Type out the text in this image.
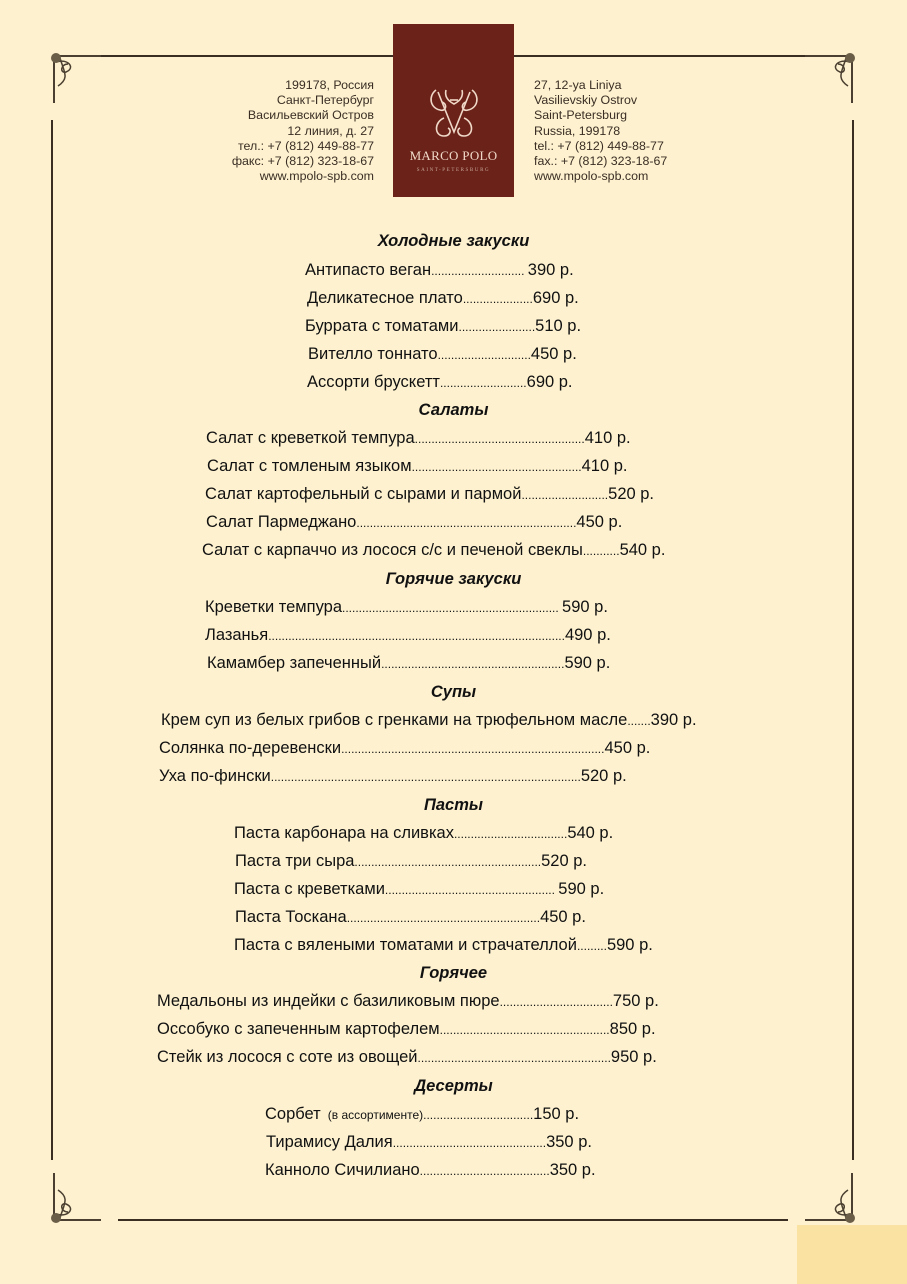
199178, Россия
Санкт-Петербург
Васильевский Остров
12 линия, д. 27
тел.: +7 (812) 449-88-77
факс: +7 (812) 323-18-67
www.mpolo-spb.com
MARCO POLO
SAINT-PETERSBURG
27, 12-ya Liniya
Vasilievskiy Ostrov
Saint-Petersburg
Russia, 199178
tel.: +7 (812) 449-88-77
fax.: +7 (812) 323-18-67
www.mpolo-spb.com
Холодные закуски
Антипасто веган............................ 390 р.
Деликатесное плато.....................690 р.
Буррата с томатами.......................510 р.
Вителло тоннато............................450 р.
Ассорти брускетт..........................690 р.
Салаты
Салат с креветкой темпура...................................................410 р.
Салат с томленым языком...................................................410 р.
Салат картофельный с сырами и пармой..........................520 р.
Салат Пармеджано..................................................................450 р.
Салат с карпаччо из лосося с/с и печеной свеклы...........540 р.
Горячие закуски
Креветки темпура................................................................. 590 р.
Лазанья.........................................................................................490 р.
Камамбер запеченный.......................................................590 р.
Супы
Крем суп из белых грибов с гренками на трюфельном масле.......390 р.
Солянка по-деревенски...............................................................................450 р.
Уха по-фински.............................................................................................520 р.
Пасты
Паста карбонара на сливках..................................540 р.
Паста три сыра........................................................520 р.
Паста с креветками................................................... 590 р.
Паста Тоскана..........................................................450 р.
Паста с вялеными томатами и страчателлой.........590 р.
Горячее
Медальоны из индейки с базиликовым пюре..................................750 р.
Оссобуко с запеченным картофелем...................................................850 р.
Стейк из лосося с соте из овощей..........................................................950 р.
Десерты
Сорбет (в ассортименте).................................150 р.
Тирамису Далия..............................................350 р.
Канноло Сичилиано.......................................350 р.
